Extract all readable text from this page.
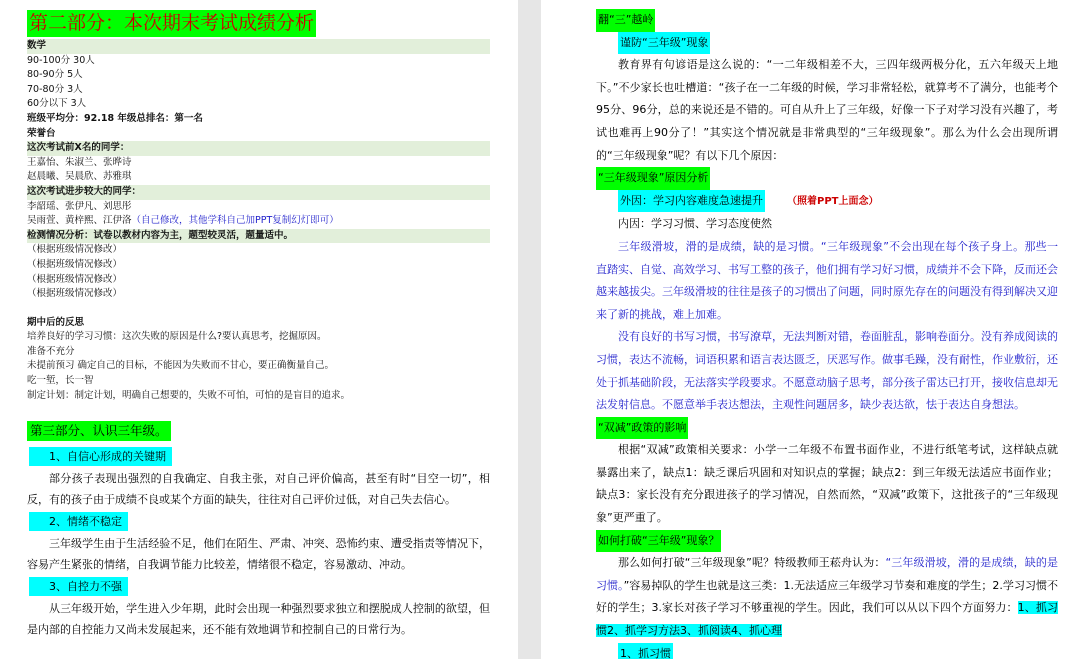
第二部分：本次期末考试成绩分析
数学
90-100分 30人
80-90分 5人
70-80分 3人
60分以下 3人
班级平均分：92.18 年级总排名：第一名
荣誉台
这次考试前X名的同学：
王嘉怡、朱淑兰、张晔诗
赵晨曦、吴晨欣、苏雅琪
这次考试进步较大的同学：
李韶瑶、张伊凡、刘思彤
吴雨萱、黄梓熙、江伊洛（自己修改，其他学科自己加PPT复制幻灯即可）
检测情况分析：试卷以教材内容为主，题型较灵活，题量适中。
（根据班级情况修改）
（根据班级情况修改）
（根据班级情况修改）
（根据班级情况修改）
期中后的反思
培养良好的学习习惯：这次失败的原因是什么?要认真思考，挖掘原因。
准备不充分
未提前预习 确定自己的目标，不能因为失败而不甘心，要正确衡量自己。
吃一堑，长一智
制定计划：制定计划，明确自己想要的，失败不可怕，可怕的是盲目的追求。
第三部分、认识三年级。
1、自信心形成的关键期

部分孩子表现出强烈的自我确定、自我主张，对自己评价偏高，甚至有时“目空一切”，相反，有的孩子由于成绩不良或某个方面的缺失，往往对自己评价过低，对自己失去信心。

2、情绪不稳定

三年级学生由于生活经验不足，他们在陌生、严肃、冲突、恐怖约束、遭受指责等情况下，容易产生紧张的情绪，自我调节能力比较差，情绪很不稳定，容易激动、冲动。

3、自控力不强

从三年级开始，学生进入少年期，此时会出现一种强烈要求独立和摆脱成人控制的欲望，但是内部的自控能力又尚未发展起来，还不能有效地调节和控制自己的日常行为。

翻“三”越岭
谨防“三年级”现象

教育界有句谚语是这么说的：“一二年级相差不大，三四年级两极分化，五六年级天上地下。”不少家长也吐槽道：“孩子在一二年级的时候，学习非常轻松，就算考不了满分，也能考个95分、96分，总的来说还是不错的。可自从升上了三年级，好像一下子对学习没有兴趣了，考试也难再上90分了！”其实这个情况就是非常典型的“三年级现象”。那么为什么会出现所谓的“三年级现象”呢？有以下几个原因：

“三年级现象”原因分析
外因：学习内容难度急速提升 （照着PPT上面念）
内因：学习习惯、学习态度使然

三年级滑坡，滑的是成绩，缺的是习惯。“三年级现象”不会出现在每个孩子身上。那些一直踏实、自觉、高效学习、书写工整的孩子，他们拥有学习好习惯，成绩并不会下降，反而还会越来越拔尖。三年级滑坡的往往是孩子的习惯出了问题，同时原先存在的问题没有得到解决又迎来了新的挑战，难上加难。

没有良好的书写习惯，书写潦草，无法判断对错，卷面脏乱，影响卷面分。没有养成阅读的习惯，表达不流畅，词语积累和语言表达匮乏，厌恶写作。做事毛躁，没有耐性，作业敷衍，还处于抓基础阶段，无法落实学段要求。不愿意动脑子思考，部分孩子雷达已打开，接收信息却无法发射信息。不愿意举手表达想法，主观性问题居多，缺少表达欲，怯于表达自身想法。

“双减”政策的影响

根据“双减”政策相关要求：小学一二年级不布置书面作业，不进行纸笔考试，这样缺点就暴露出来了，缺点1：缺乏课后巩固和对知识点的掌握；缺点2：到三年级无法适应书面作业；缺点3：家长没有充分跟进孩子的学习情况，自然而然，“双减”政策下，这批孩子的“三年级现象”更严重了。

如何打破“三年级”现象？

那么如何打破“三年级现象”呢？特级教师王菘舟认为：“三年级滑坡，滑的是成绩，缺的是习惯。”容易掉队的学生也就是这三类：1.无法适应三年级学习节奏和难度的学生；2.学习习惯不好的学生；3.家长对孩子学习不够重视的学生。因此，我们可以从以下四个方面努力：1、抓习惯2、抓学习方法3、抓阅读4、抓心理

1、抓习惯
